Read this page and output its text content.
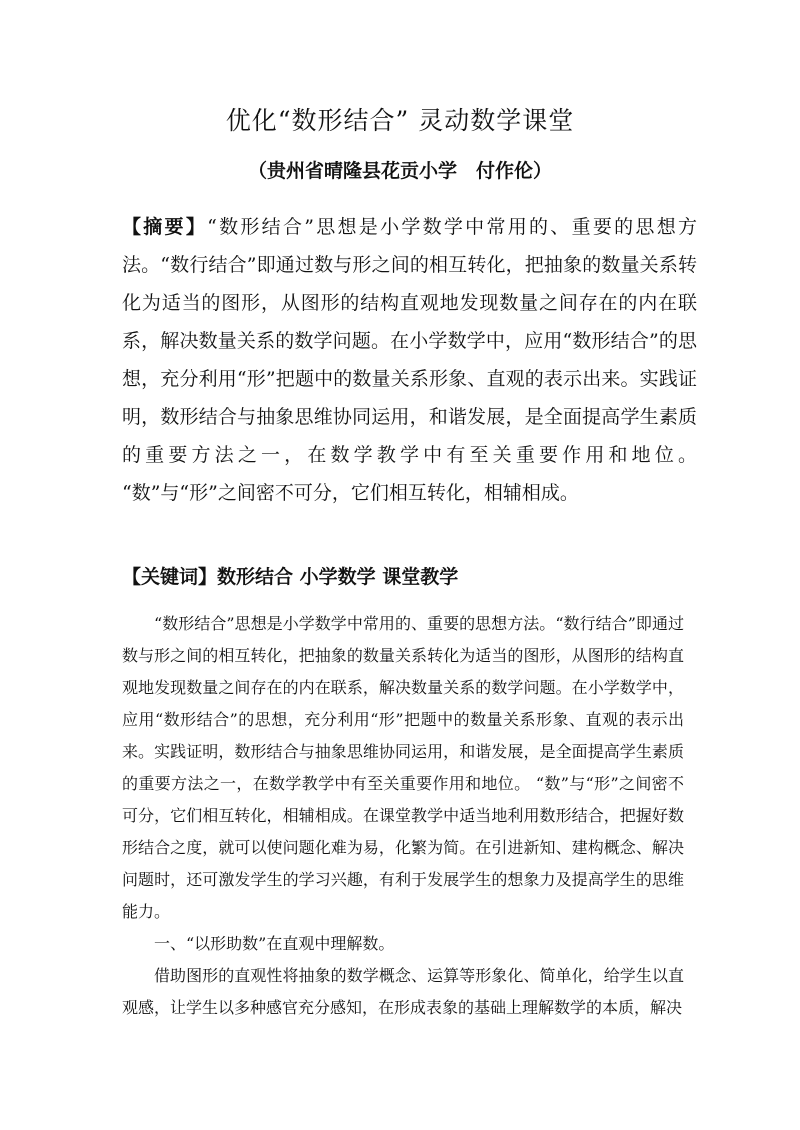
优化“数形结合” 灵动数学课堂
（贵州省晴隆县花贡小学　付作伦）
【摘要】“数形结合”思想是小学数学中常用的、重要的思想方法。“数行结合”即通过数与形之间的相互转化，把抽象的数量关系转化为适当的图形，从图形的结构直观地发现数量之间存在的内在联系，解决数量关系的数学问题。在小学数学中，应用“数形结合”的思想，充分利用“形”把题中的数量关系形象、直观的表示出来。实践证明，数形结合与抽象思维协同运用，和谐发展，是全面提高学生素质的重要方法之一，在数学教学中有至关重要作用和地位。 “数”与“形”之间密不可分，它们相互转化，相辅相成。
【关键词】数形结合 小学数学 课堂教学

“数形结合”思想是小学数学中常用的、重要的思想方法。“数行结合”即通过数与形之间的相互转化，把抽象的数量关系转化为适当的图形，从图形的结构直观地发现数量之间存在的内在联系，解决数量关系的数学问题。在小学数学中，应用“数形结合”的思想，充分利用“形”把题中的数量关系形象、直观的表示出来。实践证明，数形结合与抽象思维协同运用，和谐发展，是全面提高学生素质的重要方法之一，在数学教学中有至关重要作用和地位。 “数”与“形”之间密不可分，它们相互转化，相辅相成。在课堂教学中适当地利用数形结合，把握好数形结合之度，就可以使问题化难为易，化繁为简。在引进新知、建构概念、解决问题时，还可激发学生的学习兴趣，有利于发展学生的想象力及提高学生的思维能力。

一、“以形助数”在直观中理解数。

借助图形的直观性将抽象的数学概念、运算等形象化、简单化，给学生以直观感，让学生以多种感官充分感知，在形成表象的基础上理解数学的本质，解决
